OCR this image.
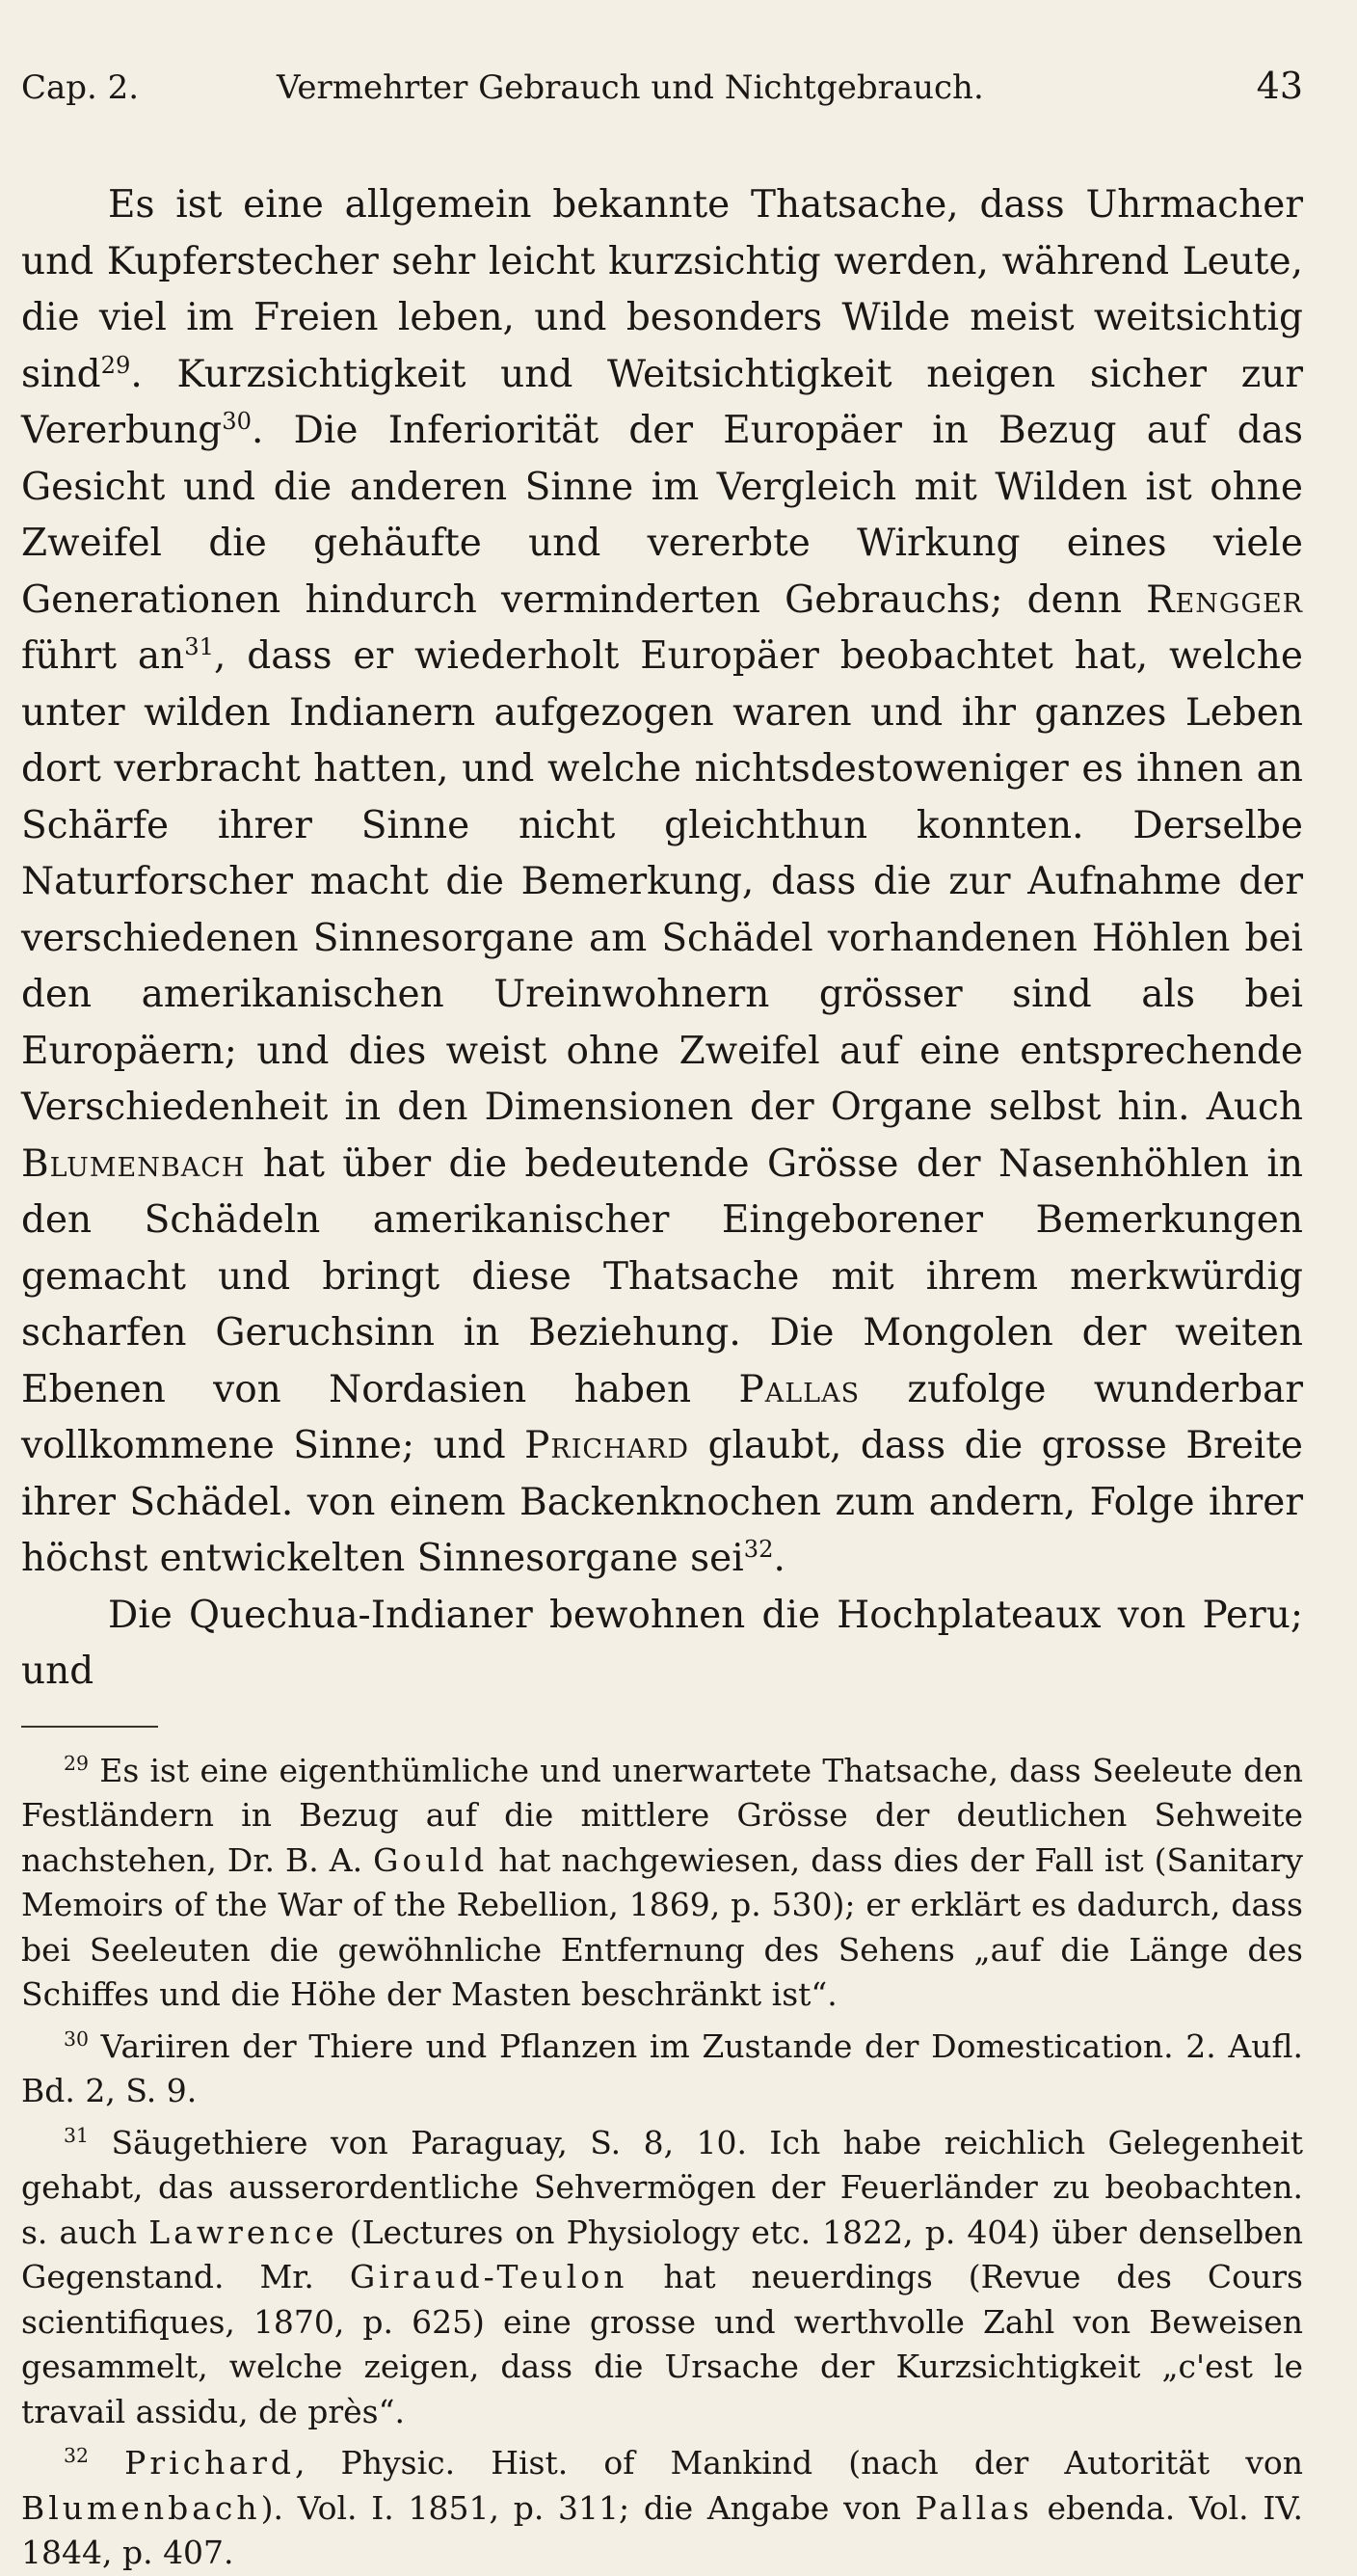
Cap. 2.	Vermehrter Gebrauch und Nichtgebrauch.	43

Es ist eine allgemein bekannte Thatsache, dass Uhrmacher und Kupferstecher sehr leicht kurzsichtig werden, während Leute, die viel im Freien leben, und besonders Wilde meist weitsichtig sind$^{29}$. Kurzsichtigkeit und Weitsichtigkeit neigen sicher zur Vererbung$^{30}$. Die Inferiorität der Europäer in Bezug auf das Gesicht und die anderen Sinne im Vergleich mit Wilden ist ohne Zweifel die gehäufte und vererbte Wirkung eines viele Generationen hindurch verminderten Gebrauchs; denn Rengger führt $an^{31}$, dass er wiederholt Europäer beobachtet hat, welche unter wilden Indianern aufgezogen waren und ihr ganzes Leben dort verbracht hatten, und welche nichtsdestoweniger es ihnen an Schärfe ihrer Sinne nicht gleichthun konnten. Derselbe Naturforscher macht die Bemerkung, dass die zur Aufnahme der verschiedenen Sinnesorgane am Schädel vorhandenen Höhlen bei den amerikanischen Ureinwohnern grösser sind als bei Europäern; und dies weist ohne Zweifel auf eine entsprechende Verschiedenheit in den Dimensionen der Organe selbst hin. Auch Blumenbach hat über die bedeutende Grösse der Nasenhöhlen in den Schädeln amerikanischer Eingeborener Bemerkungen gemacht und bringt diese Thatsache mit ihrem merkwürdig scharfen Geruchsinn in Beziehung. Die Mongolen der weiten Ebenen von Nordasien haben Pallas zufolge wunderbar vollkommene Sinne; und Prichard glaubt, dass die grosse Breite ihrer Schädel. von einem Backenknochen zum andern, Folge ihrer höchst entwickelten Sinnesorgane sei$^{32}$.

Die Quechua-Indianer bewohnen die Hochplateaux von Peru; und

$^{29}$ Es ist eine eigenthümliche und unerwartete Thatsache, dass Seeleute den Festländern in Bezug auf die mittlere Grösse der deutlichen Sehweite nachstehen, Dr. B. A. Gould hat nachgewiesen, dass dies der Fall ist (Sanitary Memoirs of the War of the Rebellion, 1869, p. 530); er erklärt es dadurch, dass bei Seeleuten die gewöhnliche Entfernung des Sehens „auf die Länge des Schiffes und die Höhe der Masten beschränkt ist“.

$^{30}$ Variiren der Thiere und Pflanzen im Zustande der Domestication. 2. Aufl. Bd. 2, S. 9.

$^{31}$ Säugethiere von Paraguay, S. 8, 10. Ich habe reichlich Gelegenheit gehabt, das ausserordentliche Sehvermögen der Feuerländer zu beobachten. s. auch Lawrence (Lectures on Physiology etc. 1822, p. 404) über denselben Gegenstand. Mr. Giraud-Teulon hat neuerdings (Revue des Cours scientifiques, 1870, p. 625) eine grosse und werthvolle Zahl von Beweisen gesammelt, welche zeigen, dass die Ursache der Kurzsichtigkeit „c'est le travail assidu, de près“.

$^{32}$ Prichard, Physic. Hist. of Mankind (nach der Autorität von Blumenbach). Vol. I. 1851, p. 311; die Angabe von Pallas ebenda. Vol. IV. 1844, p. 407.
